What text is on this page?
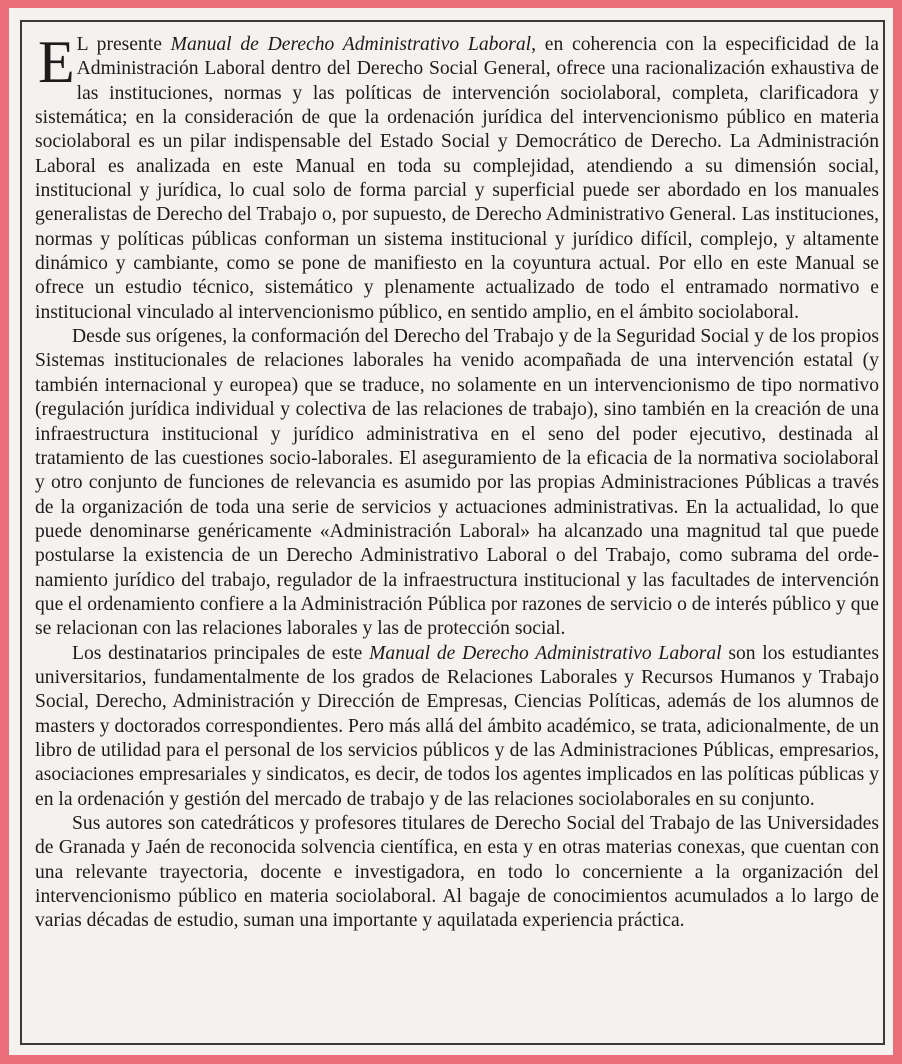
E L presente Manual de Derecho Administrativo Laboral, en coherencia con la especificidad de la Administración Laboral dentro del Derecho Social General, ofrece una racionalización exhaustiva de las instituciones, normas y las políticas de intervención sociolaboral, completa, clarificadora y sistemática; en la consideración de que la ordenación jurídica del intervencionismo público en materia sociolaboral es un pilar indispensable del Estado Social y Democrático de Derecho. La Administración Laboral es analizada en este Manual en toda su complejidad, atendiendo a su dimensión social, institucional y jurídica, lo cual solo de forma parcial y superficial puede ser abordado en los manuales generalistas de Derecho del Trabajo o, por supuesto, de Derecho Administrativo General. Las instituciones, normas y políticas públicas conforman un sistema institucional y jurídico difícil, complejo, y altamente dinámico y cambiante, como se pone de manifiesto en la coyuntura actual. Por ello en este Manual se ofrece un estudio técnico, sistemático y plenamente actualizado de todo el entramado normativo e institucional vinculado al intervencionismo público, en sentido amplio, en el ámbito sociolaboral.

Desde sus orígenes, la conformación del Derecho del Trabajo y de la Seguridad Social y de los propios Sistemas institucionales de relaciones laborales ha venido acompañada de una intervención estatal (y también internacional y europea) que se traduce, no solamente en un intervencionismo de tipo normativo (regulación jurídica individual y colectiva de las relaciones de trabajo), sino también en la creación de una infraestructura institucional y jurídico administrativa en el seno del poder ejecutivo, destinada al tratamiento de las cuestiones socio-laborales. El aseguramiento de la eficacia de la normativa sociolaboral y otro conjunto de funciones de relevancia es asumido por las propias Administraciones Públicas a través de la organización de toda una serie de servicios y actuaciones administrativas. En la actualidad, lo que puede denominarse genéricamente «Administración Laboral» ha alcanzado una magnitud tal que puede postularse la existencia de un Derecho Administrativo Laboral o del Trabajo, como subrama del ordenamiento jurídico del trabajo, regulador de la infraestructura institucional y las facultades de intervención que el ordenamiento confiere a la Administración Pública por razones de servicio o de interés público y que se relacionan con las relaciones laborales y las de protección social.

Los destinatarios principales de este Manual de Derecho Administrativo Laboral son los estudiantes universitarios, fundamentalmente de los grados de Relaciones Laborales y Recursos Humanos y Trabajo Social, Derecho, Administración y Dirección de Empresas, Ciencias Políticas, además de los alumnos de masters y doctorados correspondientes. Pero más allá del ámbito académico, se trata, adicionalmente, de un libro de utilidad para el personal de los servicios públicos y de las Administraciones Públicas, empresarios, asociaciones empresariales y sindicatos, es decir, de todos los agentes implicados en las políticas públicas y en la ordenación y gestión del mercado de trabajo y de las relaciones sociolaborales en su conjunto.

Sus autores son catedráticos y profesores titulares de Derecho Social del Trabajo de las Universidades de Granada y Jaén de reconocida solvencia científica, en esta y en otras materias conexas, que cuentan con una relevante trayectoria, docente e investigadora, en todo lo concerniente a la organización del intervencionismo público en materia sociolaboral. Al bagaje de conocimientos acumulados a lo largo de varias décadas de estudio, suman una importante y aquilatada experiencia práctica.
